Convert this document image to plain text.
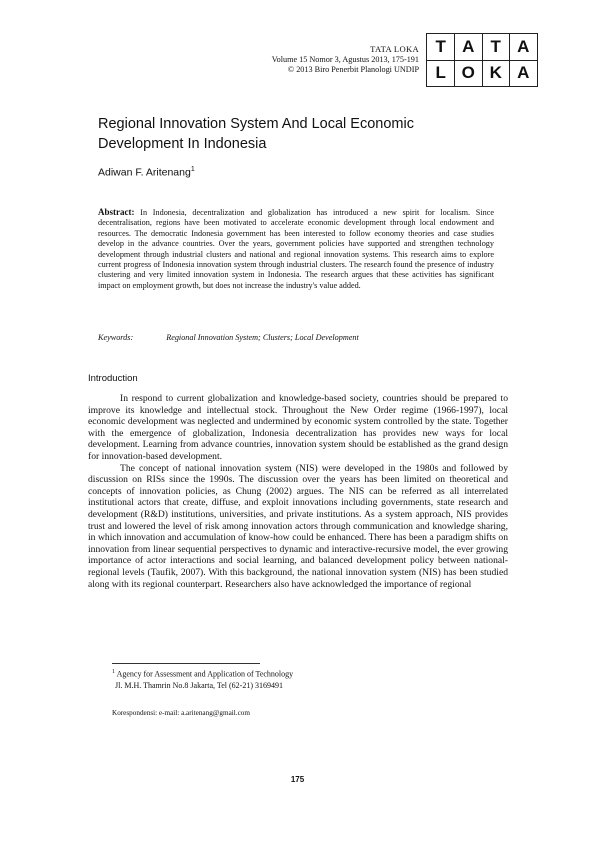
TATA LOKA
Volume 15 Nomor 3, Agustus 2013, 175-191
© 2013 Biro Penerbit Planologi UNDIP
T A T A
L O K A
Regional Innovation System And Local Economic Development In Indonesia
Adiwan F. Aritenang$^1$
Abstract: In Indonesia, decentralization and globalization has introduced a new spirit for localism. Since decentralisation, regions have been motivated to accelerate economic development through local endowment and resources. The democratic Indonesia government has been interested to follow economy theories and case studies develop in the advance countries. Over the years, government policies have supported and strengthen technology development through industrial clusters and national and regional innovation systems. This research aims to explore current progress of Indonesia innovation system through industrial clusters. The research found the presence of industry clustering and very limited innovation system in Indonesia. The research argues that these activities has significant impact on employment growth, but does not increase the industry's value added.
Keywords:	Regional Innovation System; Clusters; Local Development
Introduction

In respond to current globalization and knowledge-based society, countries should be prepared to improve its knowledge and intellectual stock. Throughout the New Order regime (1966-1997), local economic development was neglected and undermined by economic system controlled by the state. Together with the emergence of globalization, Indonesia decentralization has provides new ways for local development. Learning from advance countries, innovation system should be established as the grand design for innovation-based development.

The concept of national innovation system (NIS) were developed in the 1980s and followed by discussion on RISs since the 1990s. The discussion over the years has been limited on theoretical and concepts of innovation policies, as Chung (2002) argues. The NIS can be referred as all interrelated institutional actors that create, diffuse, and exploit innovations including governments, state research and development (R&D) institutions, universities, and private institutions. As a system approach, NIS provides trust and lowered the level of risk among innovation actors through communication and knowledge sharing, in which innovation and accumulation of know-how could be enhanced. There has been a paradigm shifts on innovation from linear sequential perspectives to dynamic and interactive-recursive model, the ever growing importance of actor interactions and social learning, and balanced development policy between national-regional levels (Taufik, 2007). With this background, the national innovation system (NIS) has been studied along with its regional counterpart. Researchers also have acknowledged the importance of regional

$^1$ Agency for Assessment and Application of Technology
Jl. M.H. Thamrin No.8 Jakarta, Tel (62-21) 3169491
Korespondensi: e-mail: a.aritenang@gmail.com
175
